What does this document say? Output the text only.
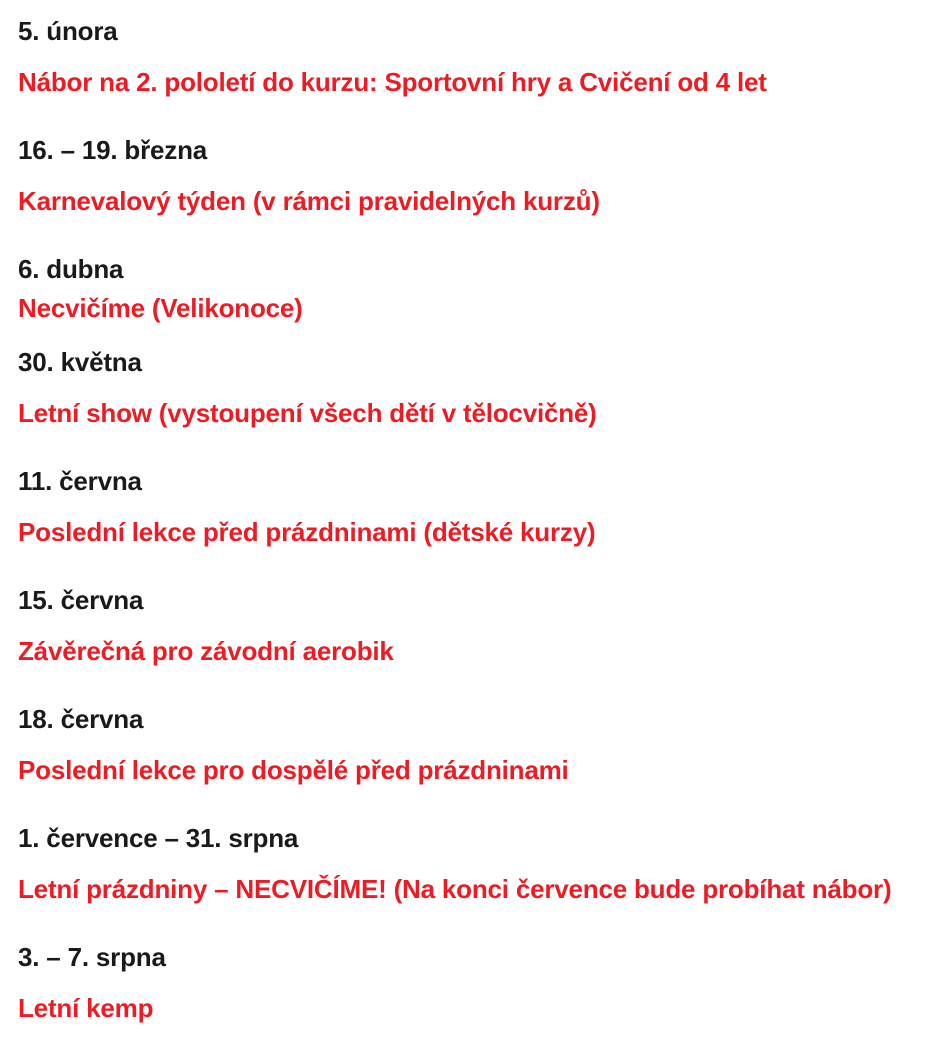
5. února

Nábor na 2. pololetí do kurzu: Sportovní hry a Cvičení od 4 let

16. – 19. března

Karnevalový týden (v rámci pravidelných kurzů)

6. dubna

Necvičíme (Velikonoce)

30. května

Letní show (vystoupení všech dětí v tělocvičně)

11. června

Poslední lekce před prázdninami (dětské kurzy)

15. června

Závěrečná pro závodní aerobik

18. června

Poslední lekce pro dospělé před prázdninami

1. července – 31. srpna

Letní prázdniny – NECVIČÍME! (Na konci července bude probíhat nábor)

3. – 7. srpna

Letní kemp
